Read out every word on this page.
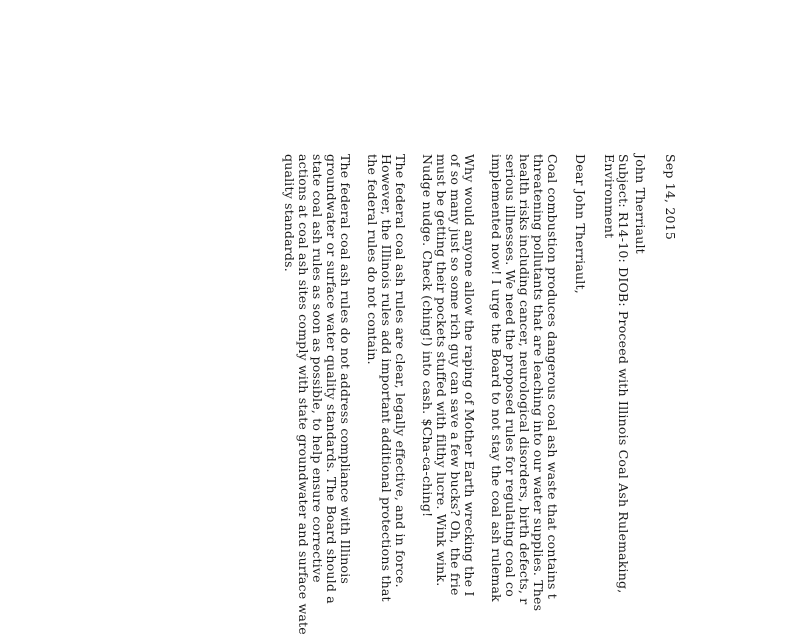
Sep 14, 2015
John Therriault
Subject: R14-10: DIOB: Proceed with Illinois Coal Ash Rulemaking,
Environment
Dear John Therriault,
Coal combustion produces dangerous coal ash waste that contains t
threatening pollutants that are leaching into our water supplies. Thes
health risks including cancer, neurological disorders, birth defects, r
serious illnesses. We need the proposed rules for regulating coal co
implemented now! I urge the Board to not stay the coal ash rulemak
Why would anyone allow the raping of Mother Earth wrecking the I
of so many just so some rich guy can save a few bucks? Oh, the frie
must be getting their pockets stuffed with filthy lucre. Wink wink.
Nudge nudge. Check (ching!) into cash. $Cha-ca-ching!
The federal coal ash rules are clear, legally effective, and in force.
However, the Illinois rules add important additional protections that
the federal rules do not contain.
The federal coal ash rules do not address compliance with Illinois
groundwater or surface water quality standards. The Board should a
state coal ash rules as soon as possible, to help ensure corrective
actions at coal ash sites comply with state groundwater and surface wate
quality standards.
